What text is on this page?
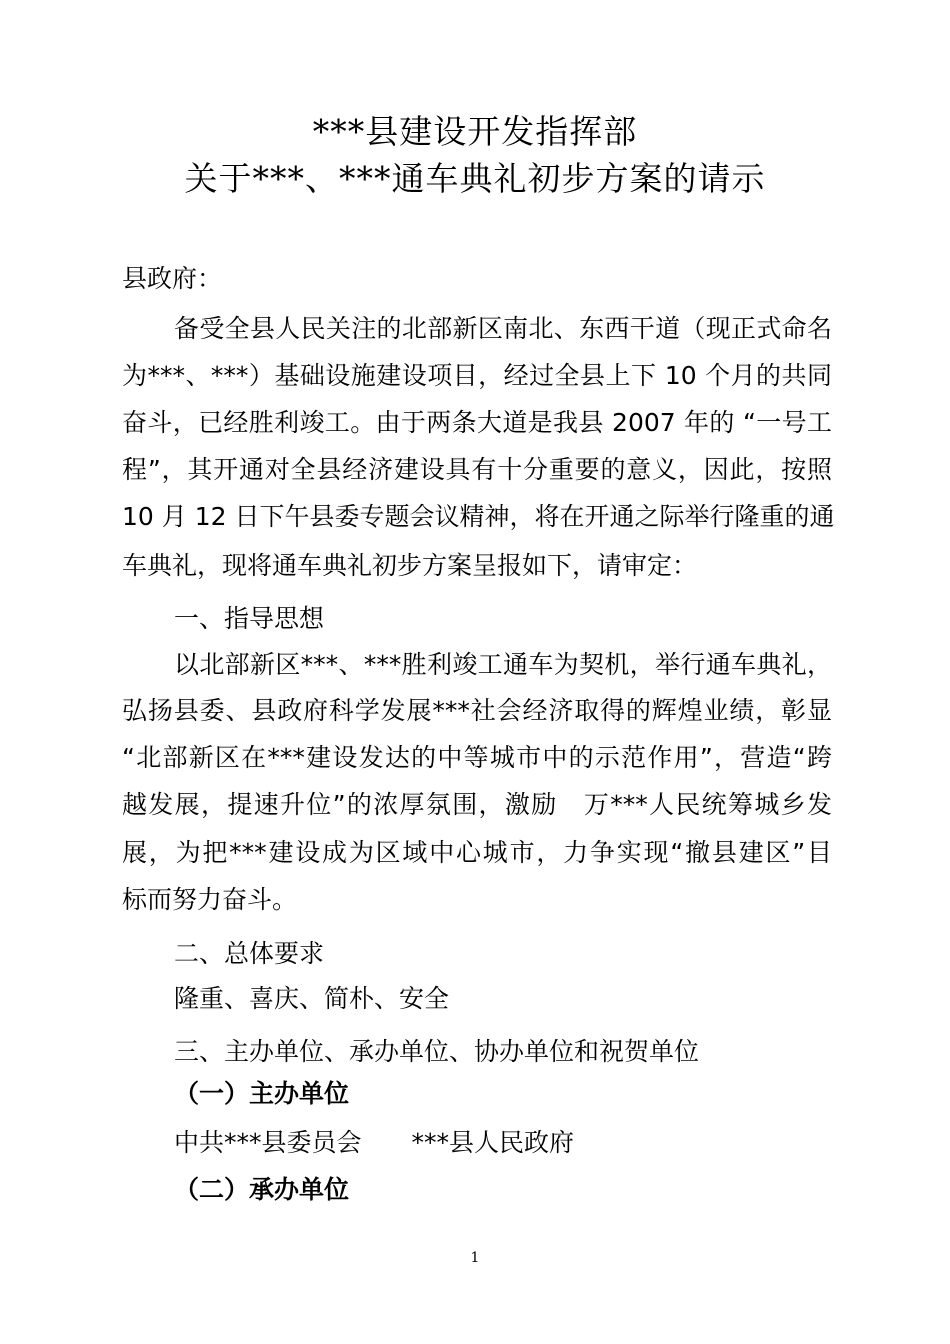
***县建设开发指挥部
关于***、***通车典礼初步方案的请示
县政府：
备受全县人民关注的北部新区南北、东西干道（现正式命名
为***、***）基础设施建设项目，经过全县上下 10 个月的共同
奋斗，已经胜利竣工。由于两条大道是我县 2007 年的 “一号工
程”，其开通对全县经济建设具有十分重要的意义，因此，按照
10 月 12 日下午县委专题会议精神，将在开通之际举行隆重的通
车典礼，现将通车典礼初步方案呈报如下，请审定：
一、指导思想
以北部新区***、***胜利竣工通车为契机，举行通车典礼，
弘扬县委、县政府科学发展***社会经济取得的辉煌业绩，彰显
“北部新区在***建设发达的中等城市中的示范作用”，营造“跨
越发展，提速升位”的浓厚氛围，激励　万***人民统筹城乡发
展，为把***建设成为区域中心城市，力争实现“撤县建区”目
标而努力奋斗。
二、总体要求
隆重、喜庆、简朴、安全
三、主办单位、承办单位、协办单位和祝贺单位
（一）主办单位
中共***县委员会　　***县人民政府
（二）承办单位
1
